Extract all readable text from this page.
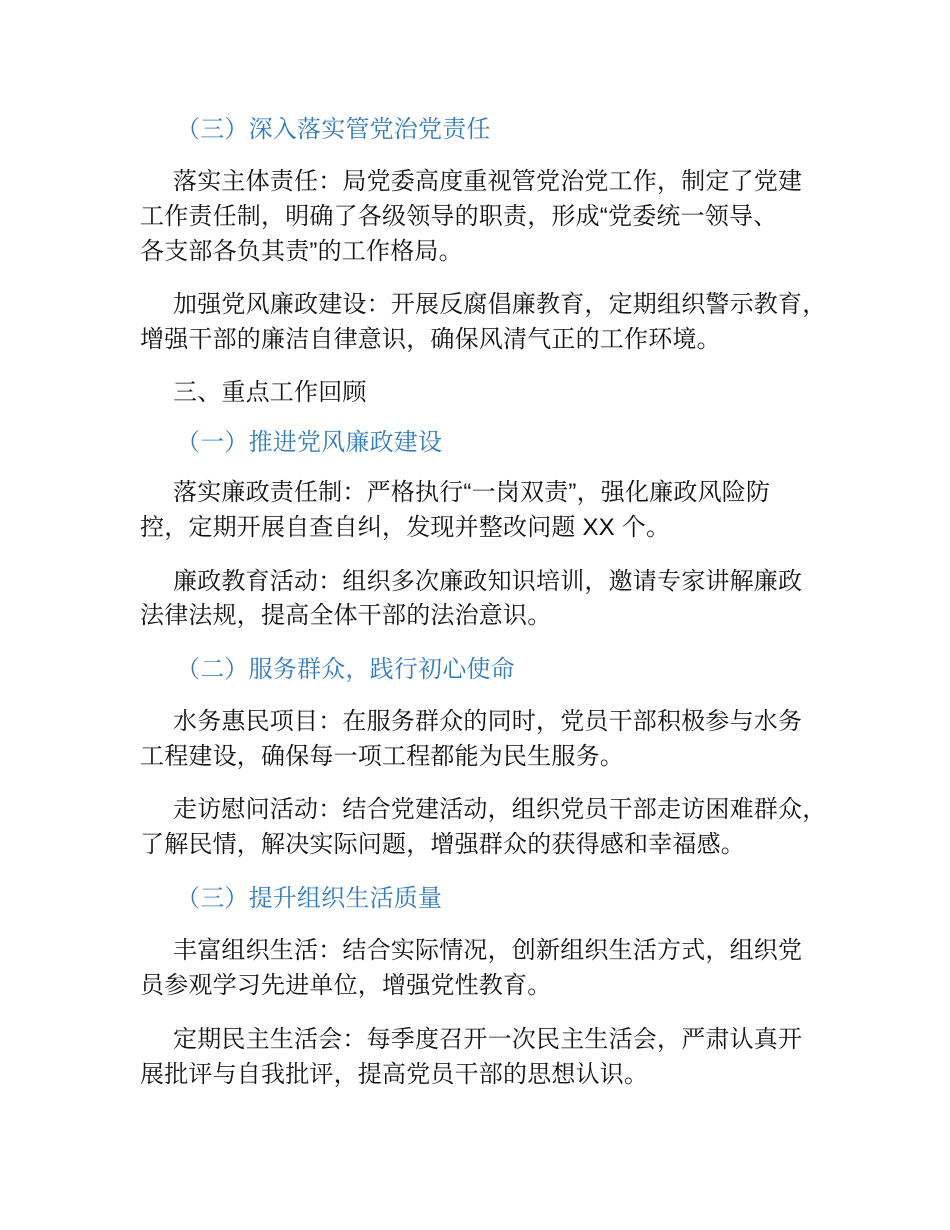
（三）深入落实管党治党责任
落实主体责任：局党委高度重视管党治党工作，制定了党建
工作责任制，明确了各级领导的职责，形成“党委统一领导、
各支部各负其责”的工作格局。
加强党风廉政建设：开展反腐倡廉教育，定期组织警示教育，
增强干部的廉洁自律意识，确保风清气正的工作环境。
三、重点工作回顾
（一）推进党风廉政建设
落实廉政责任制：严格执行“一岗双责”，强化廉政风险防
控，定期开展自查自纠，发现并整改问题 XX 个。
廉政教育活动：组织多次廉政知识培训，邀请专家讲解廉政
法律法规，提高全体干部的法治意识。
（二）服务群众，践行初心使命
水务惠民项目：在服务群众的同时，党员干部积极参与水务
工程建设，确保每一项工程都能为民生服务。
走访慰问活动：结合党建活动，组织党员干部走访困难群众，
了解民情，解决实际问题，增强群众的获得感和幸福感。
（三）提升组织生活质量
丰富组织生活：结合实际情况，创新组织生活方式，组织党
员参观学习先进单位，增强党性教育。
定期民主生活会：每季度召开一次民主生活会，严肃认真开
展批评与自我批评，提高党员干部的思想认识。
